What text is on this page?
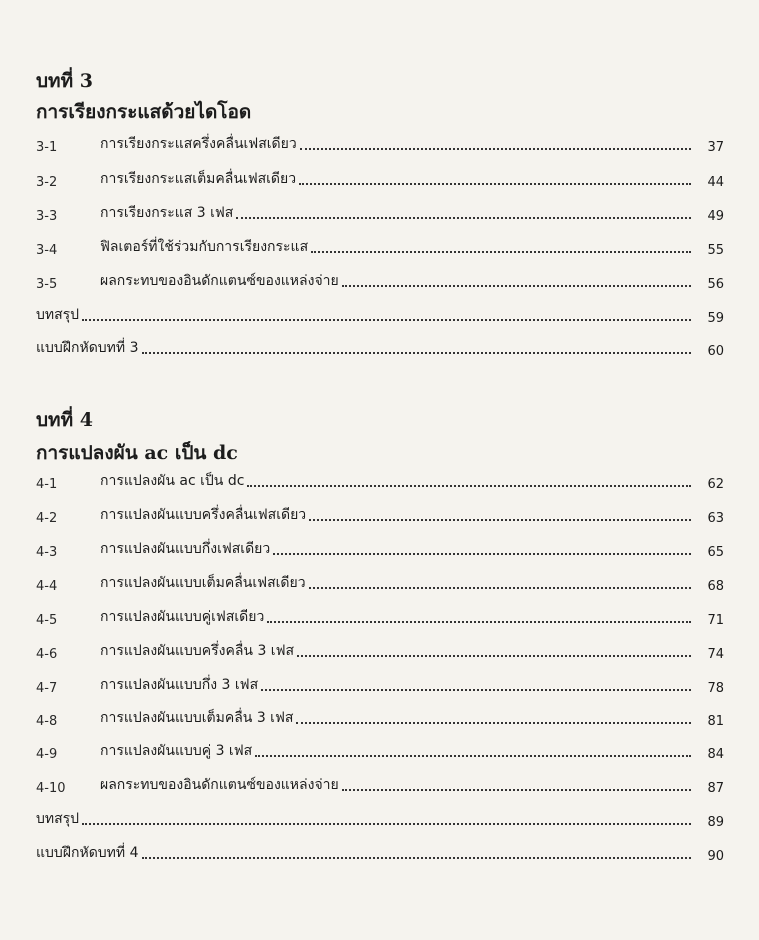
บทที่ 3
การเรียงกระแสด้วยไดโอด
3-1	การเรียงกระแสครึ่งคลื่นเฟสเดียว	37
3-2	การเรียงกระแสเต็มคลื่นเฟสเดียว	44
3-3	การเรียงกระแส 3 เฟส	49
3-4	ฟิลเตอร์ที่ใช้ร่วมกับการเรียงกระแส	55
3-5	ผลกระทบของอินดักแตนซ์ของแหล่งจ่าย	56
บทสรุป	59
แบบฝึกหัดบทที่ 3	60
บทที่ 4
การแปลงผัน ac เป็น dc
4-1	การแปลงผัน ac เป็น dc	62
4-2	การแปลงผันแบบครึ่งคลื่นเฟสเดียว	63
4-3	การแปลงผันแบบกึ่งเฟสเดียว	65
4-4	การแปลงผันแบบเต็มคลื่นเฟสเดียว	68
4-5	การแปลงผันแบบคู่เฟสเดียว	71
4-6	การแปลงผันแบบครึ่งคลื่น 3 เฟส	74
4-7	การแปลงผันแบบกึ่ง 3 เฟส	78
4-8	การแปลงผันแบบเต็มคลื่น 3 เฟส	81
4-9	การแปลงผันแบบคู่ 3 เฟส	84
4-10	ผลกระทบของอินดักแตนซ์ของแหล่งจ่าย	87
บทสรุป	89
แบบฝึกหัดบทที่ 4	90
